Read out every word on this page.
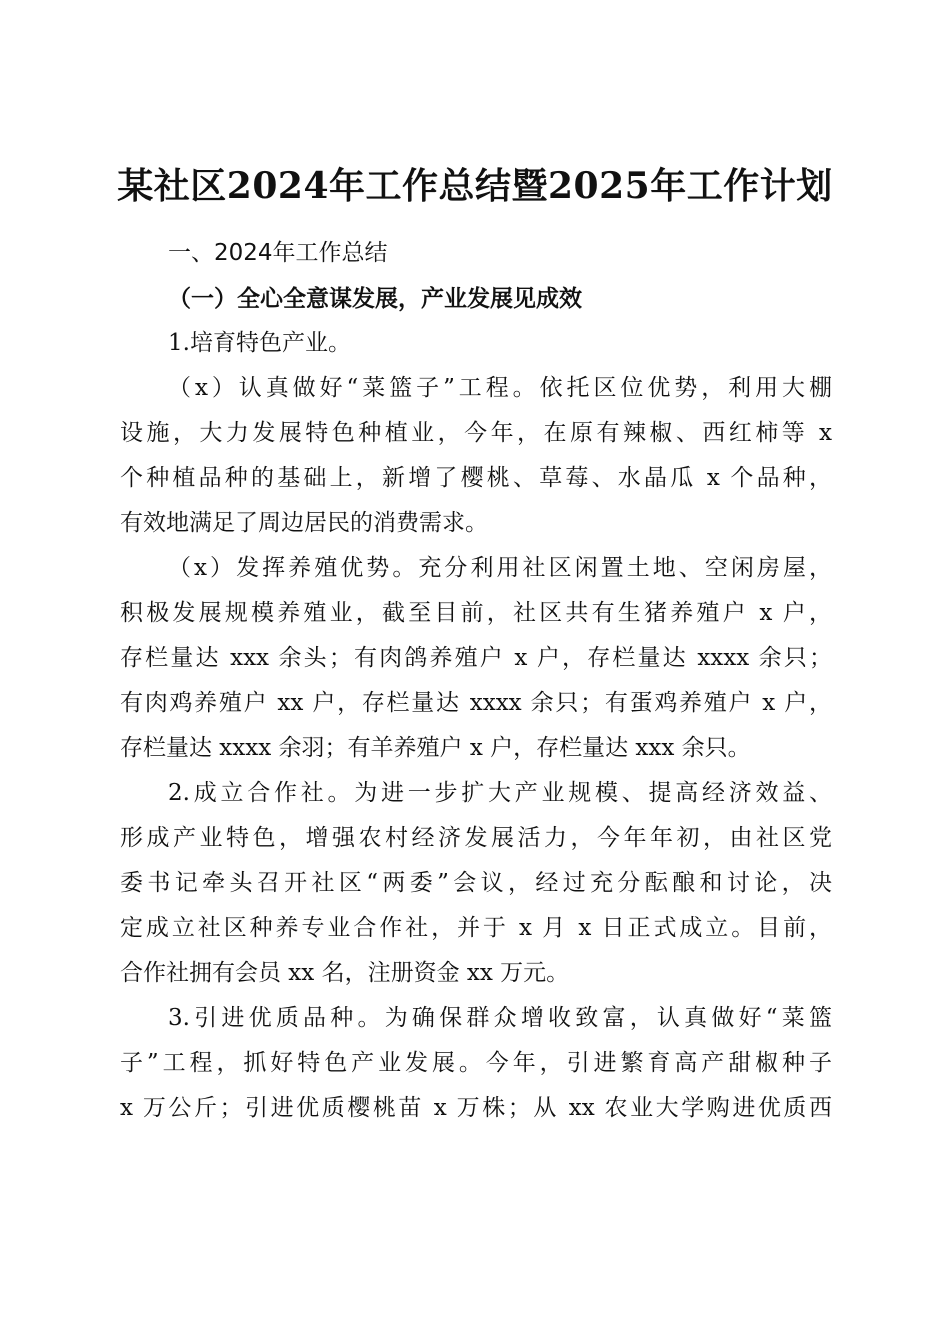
某社区2024年工作总结暨2025年工作计划

一、2024年工作总结

（一）全心全意谋发展，产业发展见成效

1.培育特色产业。

（x）认真做好“菜篮子”工程。依托区位优势，利用大棚
设施，大力发展特色种植业，今年，在原有辣椒、西红柿等 x
个种植品种的基础上，新增了樱桃、草莓、水晶瓜 x 个品种，
有效地满足了周边居民的消费需求。
（x）发挥养殖优势。充分利用社区闲置土地、空闲房屋，
积极发展规模养殖业，截至目前，社区共有生猪养殖户 x 户，
存栏量达 xxx 余头；有肉鸽养殖户 x 户，存栏量达 xxxx 余只；
有肉鸡养殖户 xx 户，存栏量达 xxxx 余只；有蛋鸡养殖户 x 户，
存栏量达 xxxx 余羽；有羊养殖户 x 户，存栏量达 xxx 余只。
2.成立合作社。为进一步扩大产业规模、提高经济效益、
形成产业特色，增强农村经济发展活力，今年年初，由社区党
委书记牵头召开社区“两委”会议，经过充分酝酿和讨论，决
定成立社区种养专业合作社，并于 x 月 x 日正式成立。目前，
合作社拥有会员 xx 名，注册资金 xx 万元。
3.引进优质品种。为确保群众增收致富，认真做好“菜篮
子”工程，抓好特色产业发展。今年，引进繁育高产甜椒种子
x 万公斤；引进优质樱桃苗 x 万株；从 xx 农业大学购进优质西
